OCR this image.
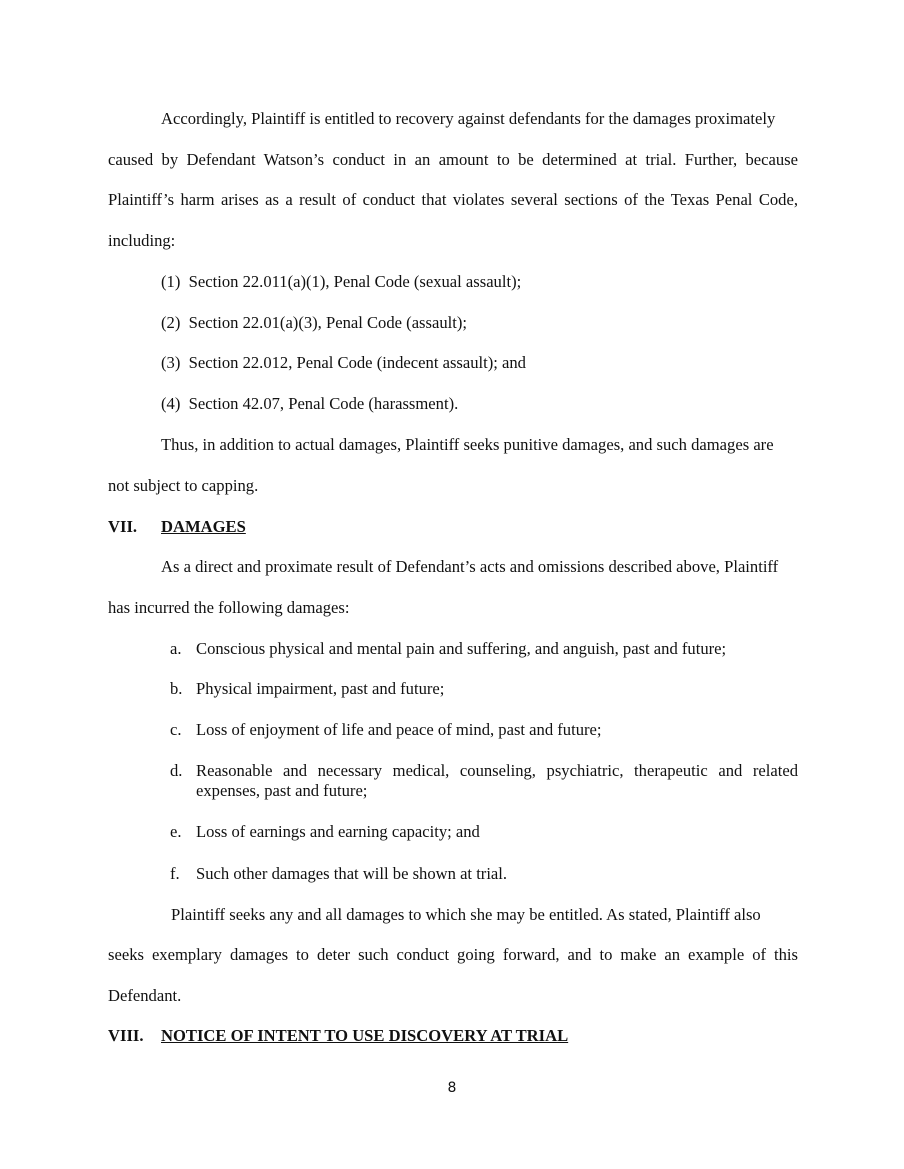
Accordingly, Plaintiff is entitled to recovery against defendants for the damages proximately
caused by Defendant Watson’s conduct in an amount to be determined at trial. Further, because
Plaintiff’s harm arises as a result of conduct that violates several sections of the Texas Penal Code,
including:
(1) Section 22.011(a)(1), Penal Code (sexual assault);
(2) Section 22.01(a)(3), Penal Code (assault);
(3) Section 22.012, Penal Code (indecent assault); and
(4) Section 42.07, Penal Code (harassment).
Thus, in addition to actual damages, Plaintiff seeks punitive damages, and such damages are
not subject to capping.
VII. DAMAGES
As a direct and proximate result of Defendant’s acts and omissions described above, Plaintiff
has incurred the following damages:
a. Conscious physical and mental pain and suffering, and anguish, past and future;
b. Physical impairment, past and future;
c. Loss of enjoyment of life and peace of mind, past and future;
d. Reasonable and necessary medical, counseling, psychiatric, therapeutic and related
expenses, past and future;
e. Loss of earnings and earning capacity; and
f. Such other damages that will be shown at trial.
Plaintiff seeks any and all damages to which she may be entitled. As stated, Plaintiff also
seeks exemplary damages to deter such conduct going forward, and to make an example of this
Defendant.
VIII. NOTICE OF INTENT TO USE DISCOVERY AT TRIAL
8
